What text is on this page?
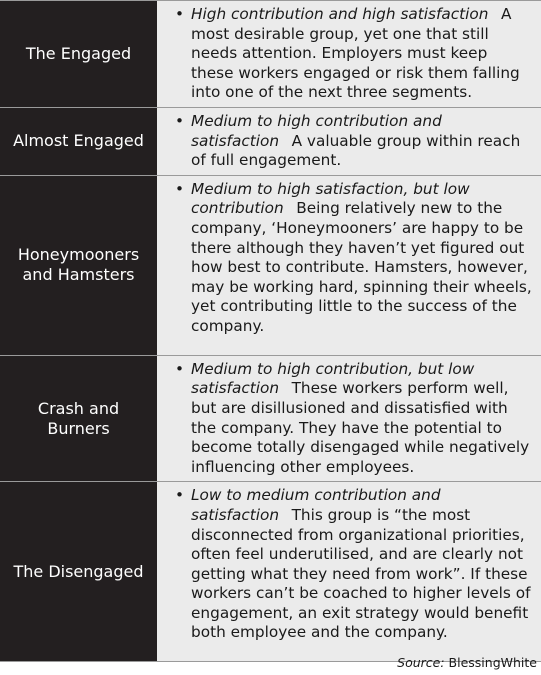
The Engaged	• High contribution and high satisfaction  A most desirable group, yet one that still needs attention. Employers must keep these workers engaged or risk them falling into one of the next three segments.

Almost Engaged	• Medium to high contribution and satisfaction  A valuable group within reach of full engagement.

Honeymooners and Hamsters	• Medium to high satisfaction, but low contribution  Being relatively new to the company, ‘Honeymooners’ are happy to be there although they haven’t yet figured out how best to contribute. Hamsters, however, may be working hard, spinning their wheels, yet contributing little to the success of the company.

Crash and Burners	• Medium to high contribution, but low satisfaction  These workers perform well, but are disillusioned and dissatisfied with the company. They have the potential to become totally disengaged while negatively influencing other employees.

The Disengaged	• Low to medium contribution and satisfaction  This group is “the most disconnected from organizational priorities, often feel underutilised, and are clearly not getting what they need from work”. If these workers can’t be coached to higher levels of engagement, an exit strategy would benefit both employee and the company.
Source: BlessingWhite
